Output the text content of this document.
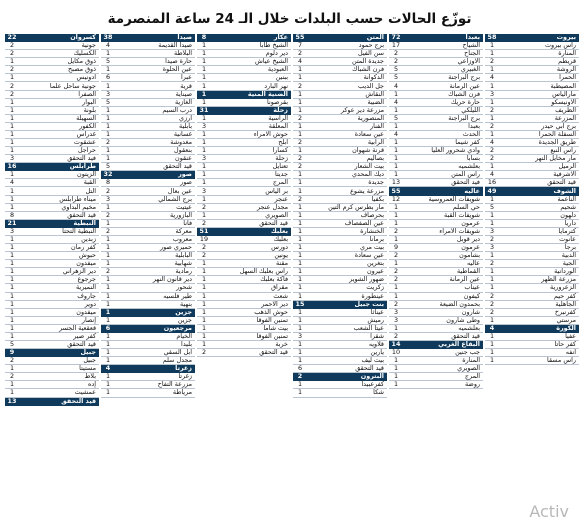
توزّع الحالات حسب البلدات خلال الـ 24 ساعة المنصرمة
بيروت
58
راس بيروت
1
المنارة
1
قريطم
2
الروشة
1
الحمرا
4
المصيطبة
1
مارالياس
3
الاونيسكو
1
الظريف
2
المزرعة
1
برج أبي حيدر
2
السفلة الحمرا
1
طريق الجديدة
4
راس النبع
2
مار مخايل النهر
2
الرميل
1
الأشرفية
4
قيد التحقق
16
الشوف
49
الناعمة
1
شحيم
5
دلهون
1
داريا
1
كترمايا
3
عانوت
2
برجا
3
الدبية
1
الجية
2
الوردانية
1
مزرعة الظهر
1
الزعرورية
1
كفر حيم
2
الجاهلية
2
كفرنبرخ
2
مرستي
1
الكورة
4
عفيا
1
كفر حاتا
1
أنفه
1
راس مسقا
1
بعبدا
72
الشياح
17
الجناح
2
الاوزاعي
2
الغبيري
5
برج البراجنة
5
عين الرمانة
4
فرن الشباك
1
حارة حريك
4
الليلكي
1
برج البراجنة
5
بعبدا
1
الحدث
4
كفر شيما
1
وادي شحرور العليا
1
بسابا
1
بعلشميه
1
راس المتن
1
فيد التحقق
13
عاليه
55
شويفات العمروسية
12
حي السلم
1
شويفات القبة
1
عرمون
1
شويفات الامراء
2
دير قوبل
1
عرمون
9
بشامون
2
عاليه
1
القماطية
2
عين الرمانة
2
عيناب
1
كيفون
1
بحمدون الضيعة
2
شارون
3
وطى شارون
3
بعلشميه
1
قيد التحقق
2
البقاع الغربي
14
جب جنين
10
المنارة
1
الصويري
1
المرج
1
روضة
1
المتن
55
برج حمود
7
سن الفيل
2
جديدة المتن
4
فرن الشباك
1
الدكوانة
1
جل الديب
2
النقاش
1
الضبية
1
مزرعة دير عوكر
1
المنصورية
2
الفنار
1
عين سعادة
1
الرابية
2
قرنة شهوان
1
بصاليم
2
بيت الشعار
2
ديك المحدي
1
جديدة
1
مزرعة يشوع
1
بكفيا
2
مار بطرس كرم التين
1
بحرصاف
1
عين الصفصاف
1
الخنشارة
1
برمانا
1
بيت مري
1
عين سعادة
1
بتغرين
1
عيرون
1
ضهور الشوير
1
زكريت
1
عينطورة
1
بنت جبيل
15
عيناثا
1
رميش
1
عيتا الشعب
1
شقرا
3
قلاويه
1
يارين
1
بيت ليف
1
قيد التحقق
6
البترون
2
كفرعبيدا
1
شكا
1
عكار
8
الشيخ طابا
1
دير دلوم
1
الشيخ عياش
1
العبودية
1
ببنين
1
نهر البارد
1
الضنية المنية
1
بقرصونا
1
زحلة
31
الراسية
1
المعلقة
3
حوش الامراء
1
ابلح
1
كسارا
1
زحلة
3
تعنايل
1
جديتا
1
المرج
1
بر الياس
3
عنجر
1
مجدل عنجر
2
الصويري
1
قيد التحقق
2
بعلبك
51
بعلبك
19
دورس
2
يونين
2
مقنة
1
راس بعلبك السهل
1
فاكة بعلبك
1
مقراق
1
شعث
1
دير الاحمر
1
حوش الذهب
1
تمنين الفوقا
1
بيت شاما
1
تمنين الفوقا
1
خربة
1
قيد التحقق
2
صيدا
38
صيدا القديمة
4
البلاطة
1
حارة صيدا
5
عين الحلوة
1
عبرا
6
قرية
1
صيناية
3
الغازية
5
درب السيم
1
أرزي
1
بابلية
1
غسانية
1
مغدوشة
2
بنعقول
1
عنقون
1
قيد التحقق
5
صور
32
صور
8
عين بعال
2
برج الشمالي
3
عيتيت
1
البازورية
2
فانا
1
معركة
2
معروب
1
حميري صور
1
البابلية
1
شهابية
1
رمادية
2
دير قانون النهر
1
شحور
1
طير فلسيه
1
بنهية
1
جزين
1
جزين
1
مرجعيون
6
الخيام
1
بليدا
1
ابل السقي
1
مجدل سلم
1
زغرتا
4
زغرتا
1
مزرعة التفاح
1
مرياطة
1
كسروان
22
جونية
2
الكسليك
2
ذوق مكايل
1
ذوق مصبح
2
ادونيس
1
جونية ساحل علما
2
الصفرا
2
البوار
1
بلونة
1
السهيلة
1
الكفور
1
غدراس
1
عشقوت
1
حراجل
1
فيد التحقق
3
طرابلس
16
الزيتون
1
القبة
4
التل
1
ميناء طرابلس
1
مخيم البداوي
1
قيد التحقق
8
النبطية
21
النبطية التحتا
3
زبدين
1
كفر رمان
1
حبوش
1
ميفدون
1
دير الزهراني
1
جرجوع
1
النميرية
1
جاروف
1
دوير
1
ميفدون
1
إنصار
1
قعقعية الجسر
1
كفر صير
1
قيد التحقق
5
جبيل
9
جبيل
2
مستيتا
1
بلاط
2
إده
1
عمشيت
1
قيد التحقق
13
Activ
